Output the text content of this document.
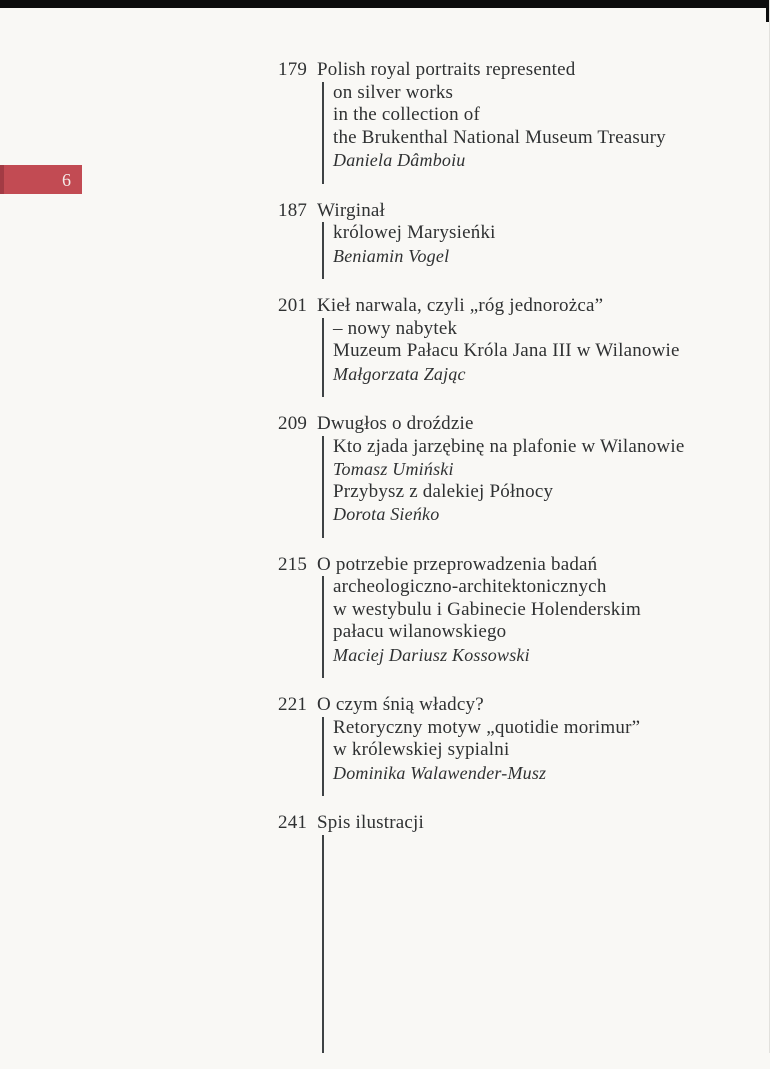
6
179 Polish royal portraits represented
on silver works
in the collection of
the Brukenthal National Museum Treasury
Daniela Dâmboiu
187 Wirginał
królowej Marysieńki
Beniamin Vogel
201 Kieł narwala, czyli „róg jednorożca”
– nowy nabytek
Muzeum Pałacu Króla Jana III w Wilanowie
Małgorzata Zając
209 Dwugłos o droździe
Kto zjada jarzębinę na plafonie w Wilanowie
Tomasz Umiński
Przybysz z dalekiej Północy
Dorota Sieńko
215 O potrzebie przeprowadzenia badań
archeologiczno-architektonicznych
w westybulu i Gabinecie Holenderskim
pałacu wilanowskiego
Maciej Dariusz Kossowski
221 O czym śnią władcy?
Retoryczny motyw „quotidie morimur”
w królewskiej sypialni
Dominika Walawender-Musz
241 Spis ilustracji
